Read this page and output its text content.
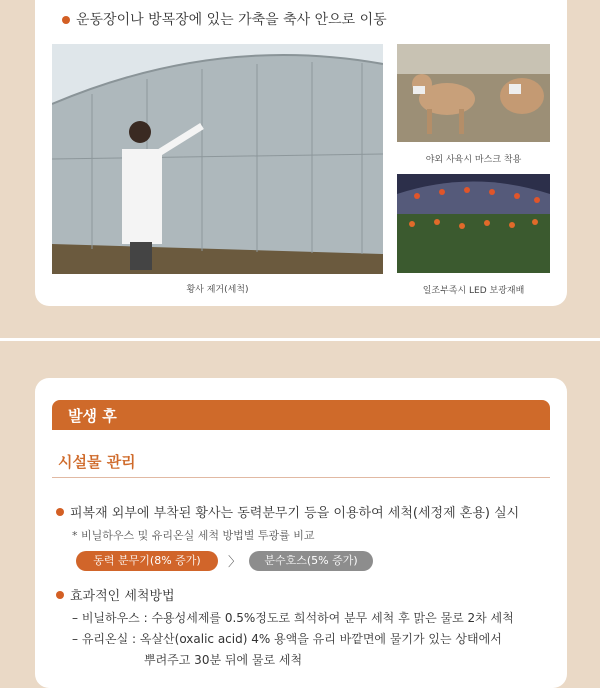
운동장이나 방목장에 있는 가축을 축사 안으로 이동
황사 제거(세척)
야외 사육시 마스크 착용
일조부족시 LED 보광재배
발생 후
시설물 관리
피복재 외부에 부착된 황사는 동력분무기 등을 이용하여 세척(세정제 혼용) 실시
* 비닐하우스 및 유리온실 세척 방법별 투광률 비교
동력 분무기(8% 증가)	〉	분수호스(5% 증가)
효과적인 세척방법
– 비닐하우스 : 수용성세제를 0.5%정도로 희석하여 분무 세척 후 맑은 물로 2차 세척
– 유리온실 : 옥살산(oxalic acid) 4% 용액을 유리 바깥면에 물기가 있는 상태에서
뿌려주고 30분 뒤에 물로 세척
